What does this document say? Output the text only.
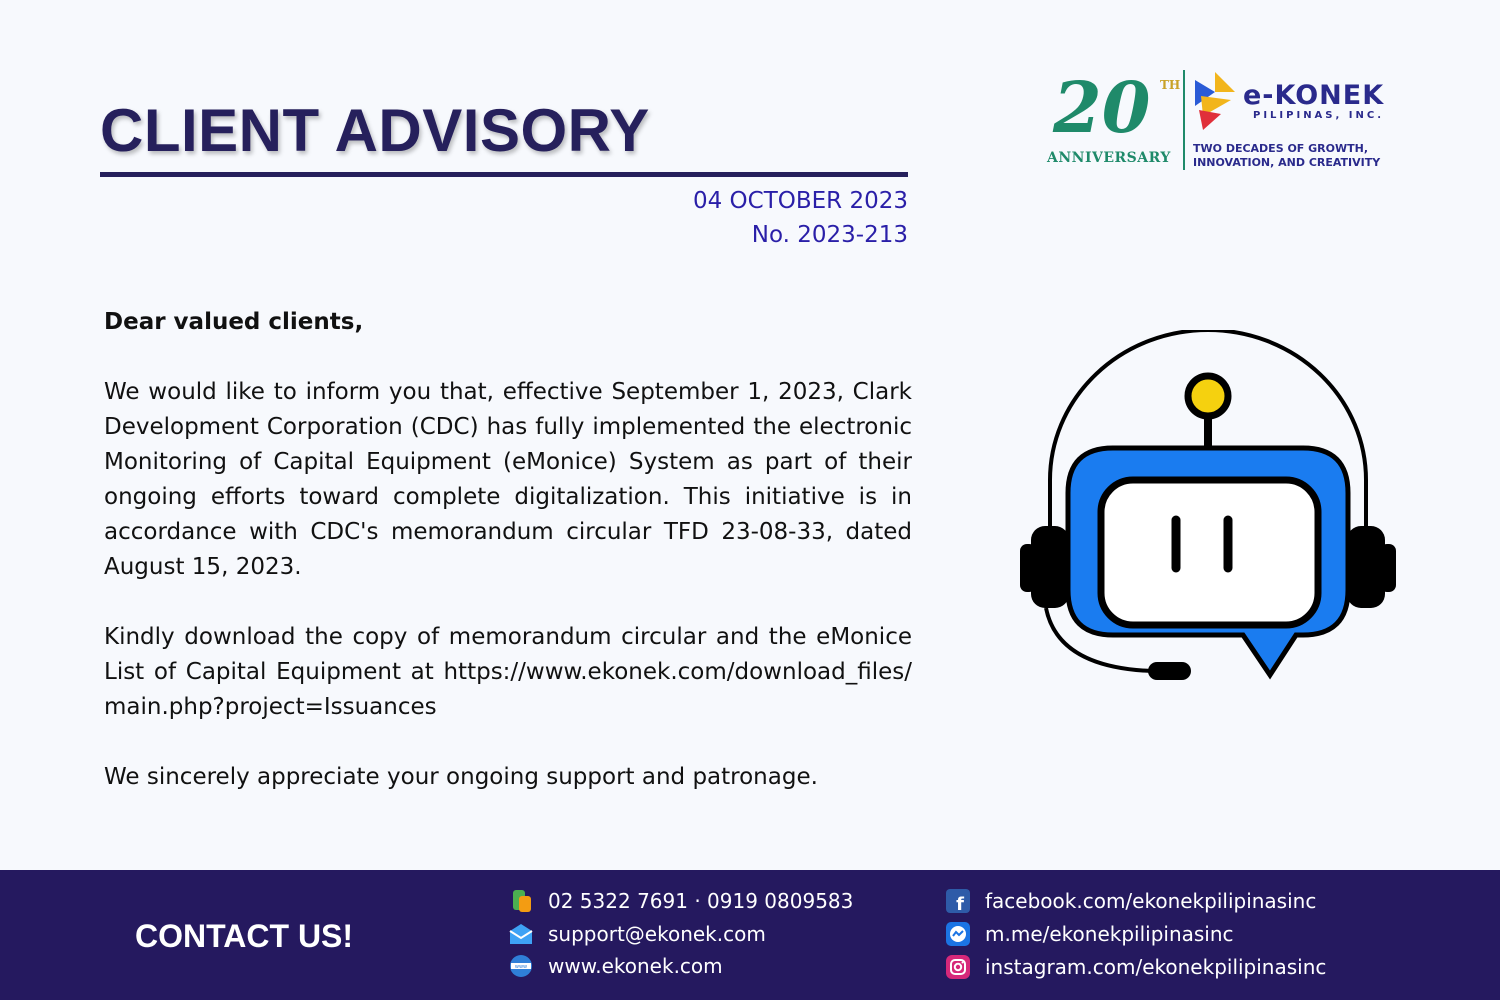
CLIENT ADVISORY
04 OCTOBER 2023
No. 2023-213
20 TH
ANNIVERSARY
e-KONEK
PILIPINAS, INC.
TWO DECADES OF GROWTH,
INNOVATION, AND CREATIVITY

Dear valued clients,

We would like to inform you that, effective September 1, 2023, Clark Development Corporation (CDC) has fully implemented the electronic Monitoring of Capital Equipment (eMonice) System as part of their ongoing efforts toward complete digitalization. This initiative is in accordance with CDC's memorandum circular TFD 23-08-33, dated August 15, 2023.

Kindly download the copy of memorandum circular and the eMonice List of Capital Equipment at https://www.ekonek.com/download_files/main.php?project=Issuances

We sincerely appreciate your ongoing support and patronage.

CONTACT US!
02 5322 7691 · 0919 0809583
support@ekonek.com
www www.ekonek.com
f facebook.com/ekonekpilipinasinc
m.me/ekonekpilipinasinc
instagram.com/ekonekpilipinasinc
